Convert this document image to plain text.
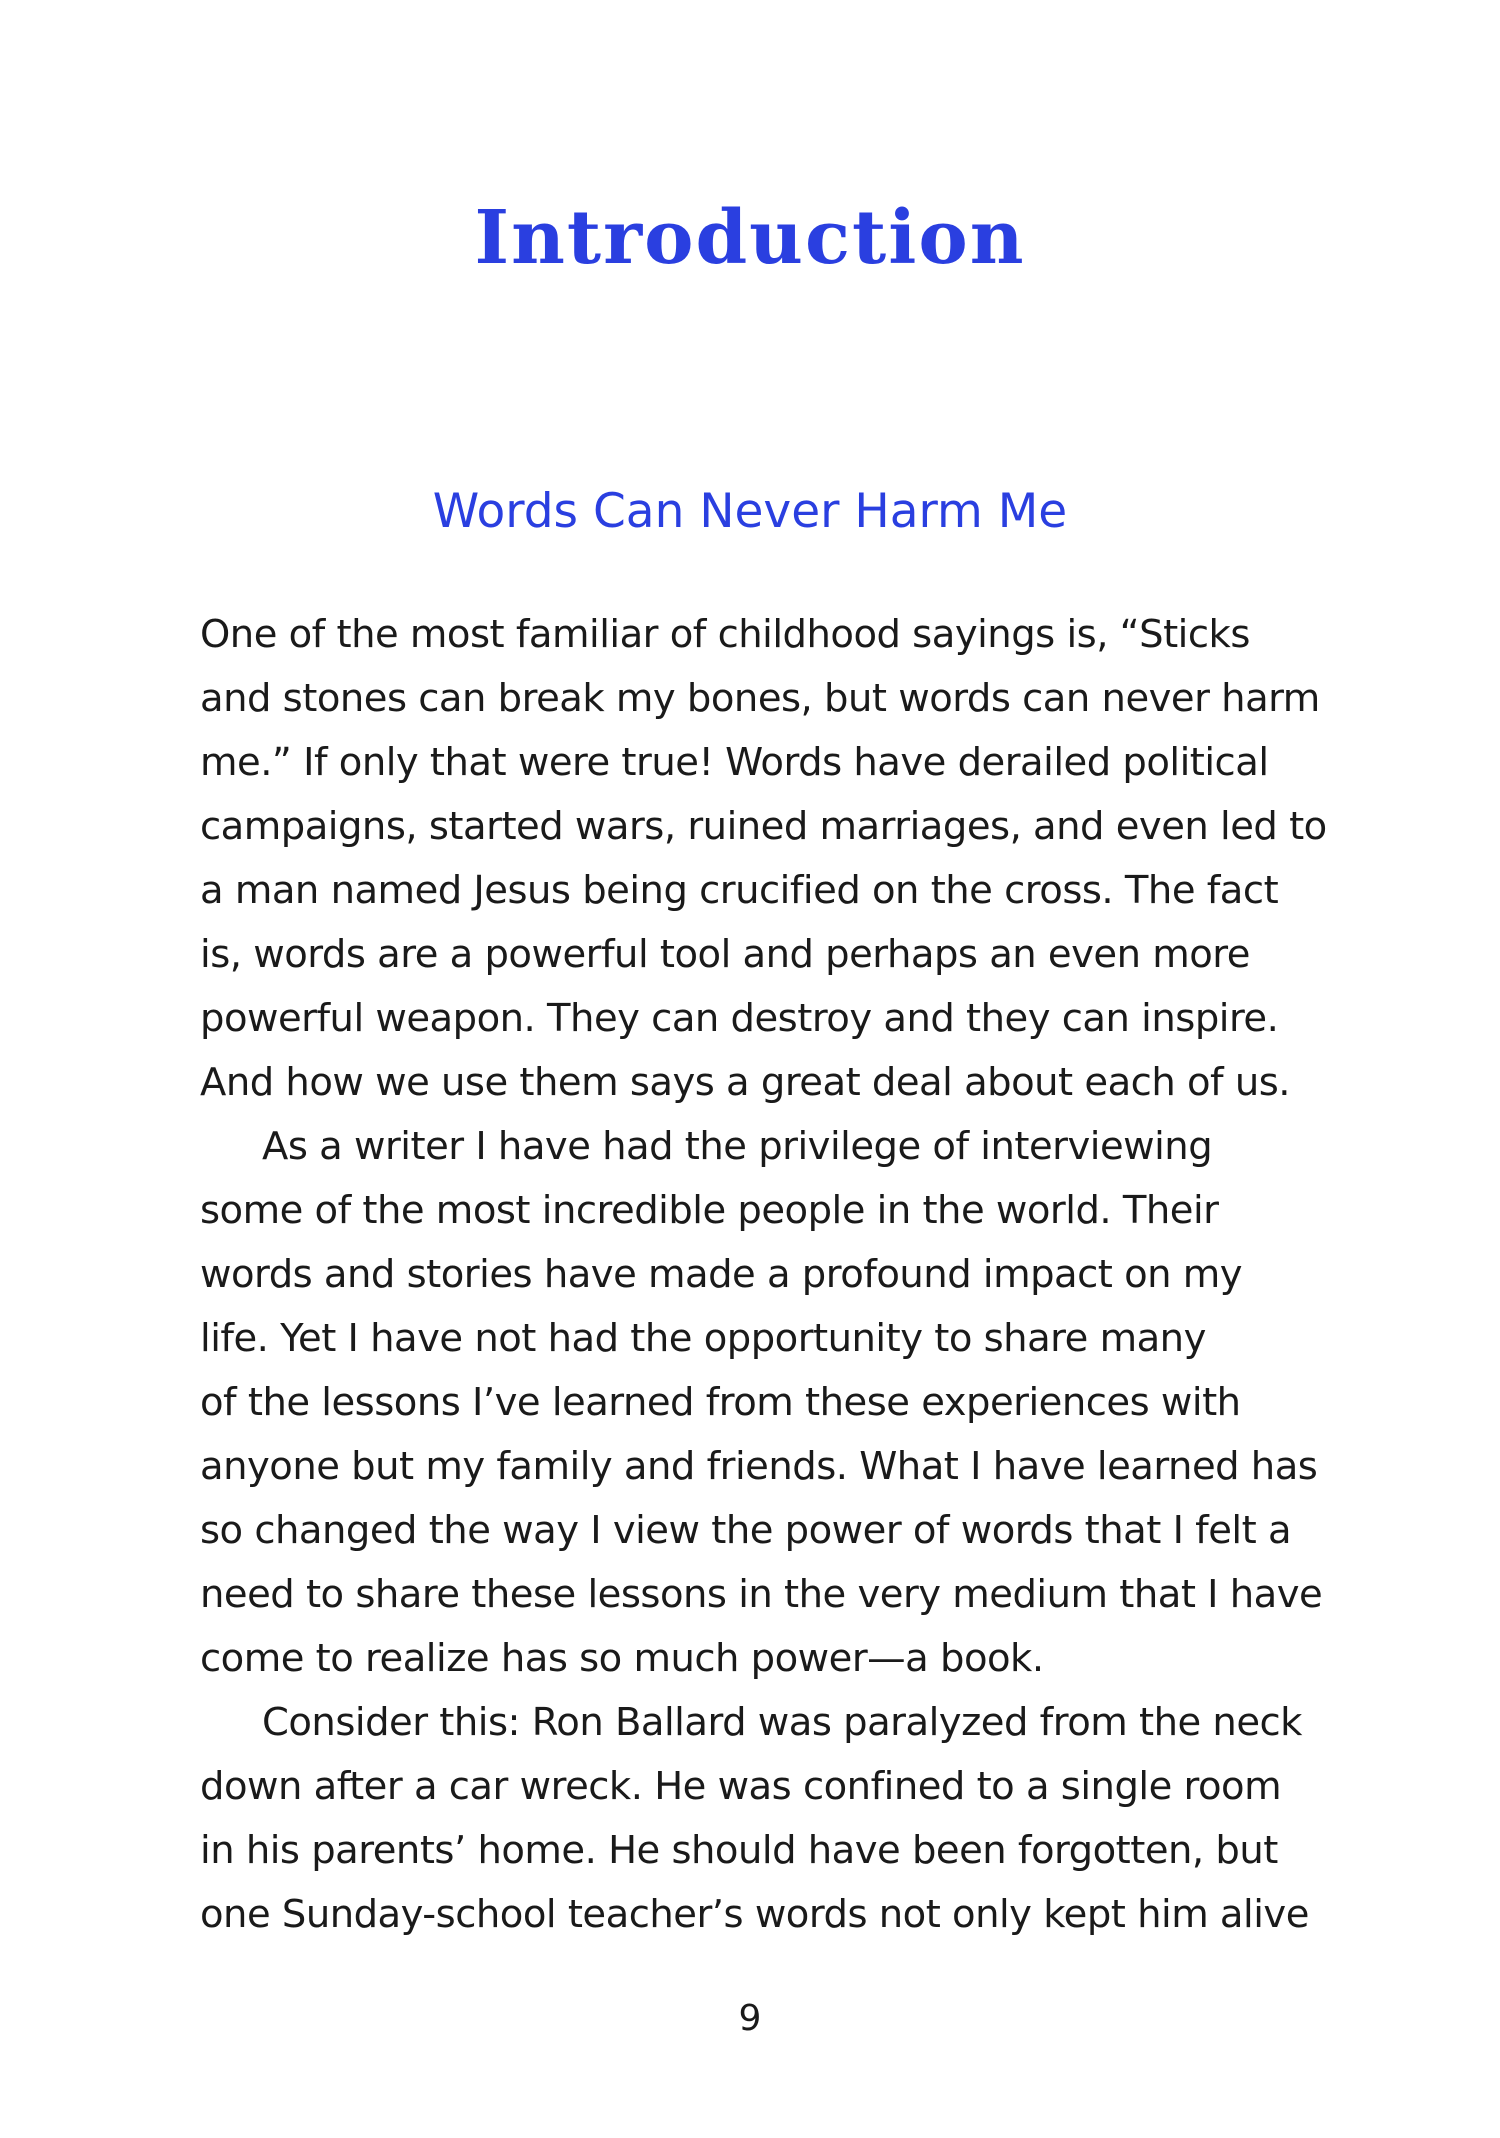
Introduction
Words Can Never Harm Me
One of the most familiar of childhood sayings is, “Sticks
and stones can break my bones, but words can never harm
me.” If only that were true! Words have derailed political
campaigns, started wars, ruined marriages, and even led to
a man named Jesus being crucified on the cross. The fact
is, words are a powerful tool and perhaps an even more
powerful weapon. They can destroy and they can inspire.
And how we use them says a great deal about each of us.
As a writer I have had the privilege of interviewing
some of the most incredible people in the world. Their
words and stories have made a profound impact on my
life. Yet I have not had the opportunity to share many
of the lessons I’ve learned from these experiences with
anyone but my family and friends. What I have learned has
so changed the way I view the power of words that I felt a
need to share these lessons in the very medium that I have
come to realize has so much power—a book.
Consider this: Ron Ballard was paralyzed from the neck
down after a car wreck. He was confined to a single room
in his parents’ home. He should have been forgotten, but
one Sunday-school teacher’s words not only kept him alive
9
